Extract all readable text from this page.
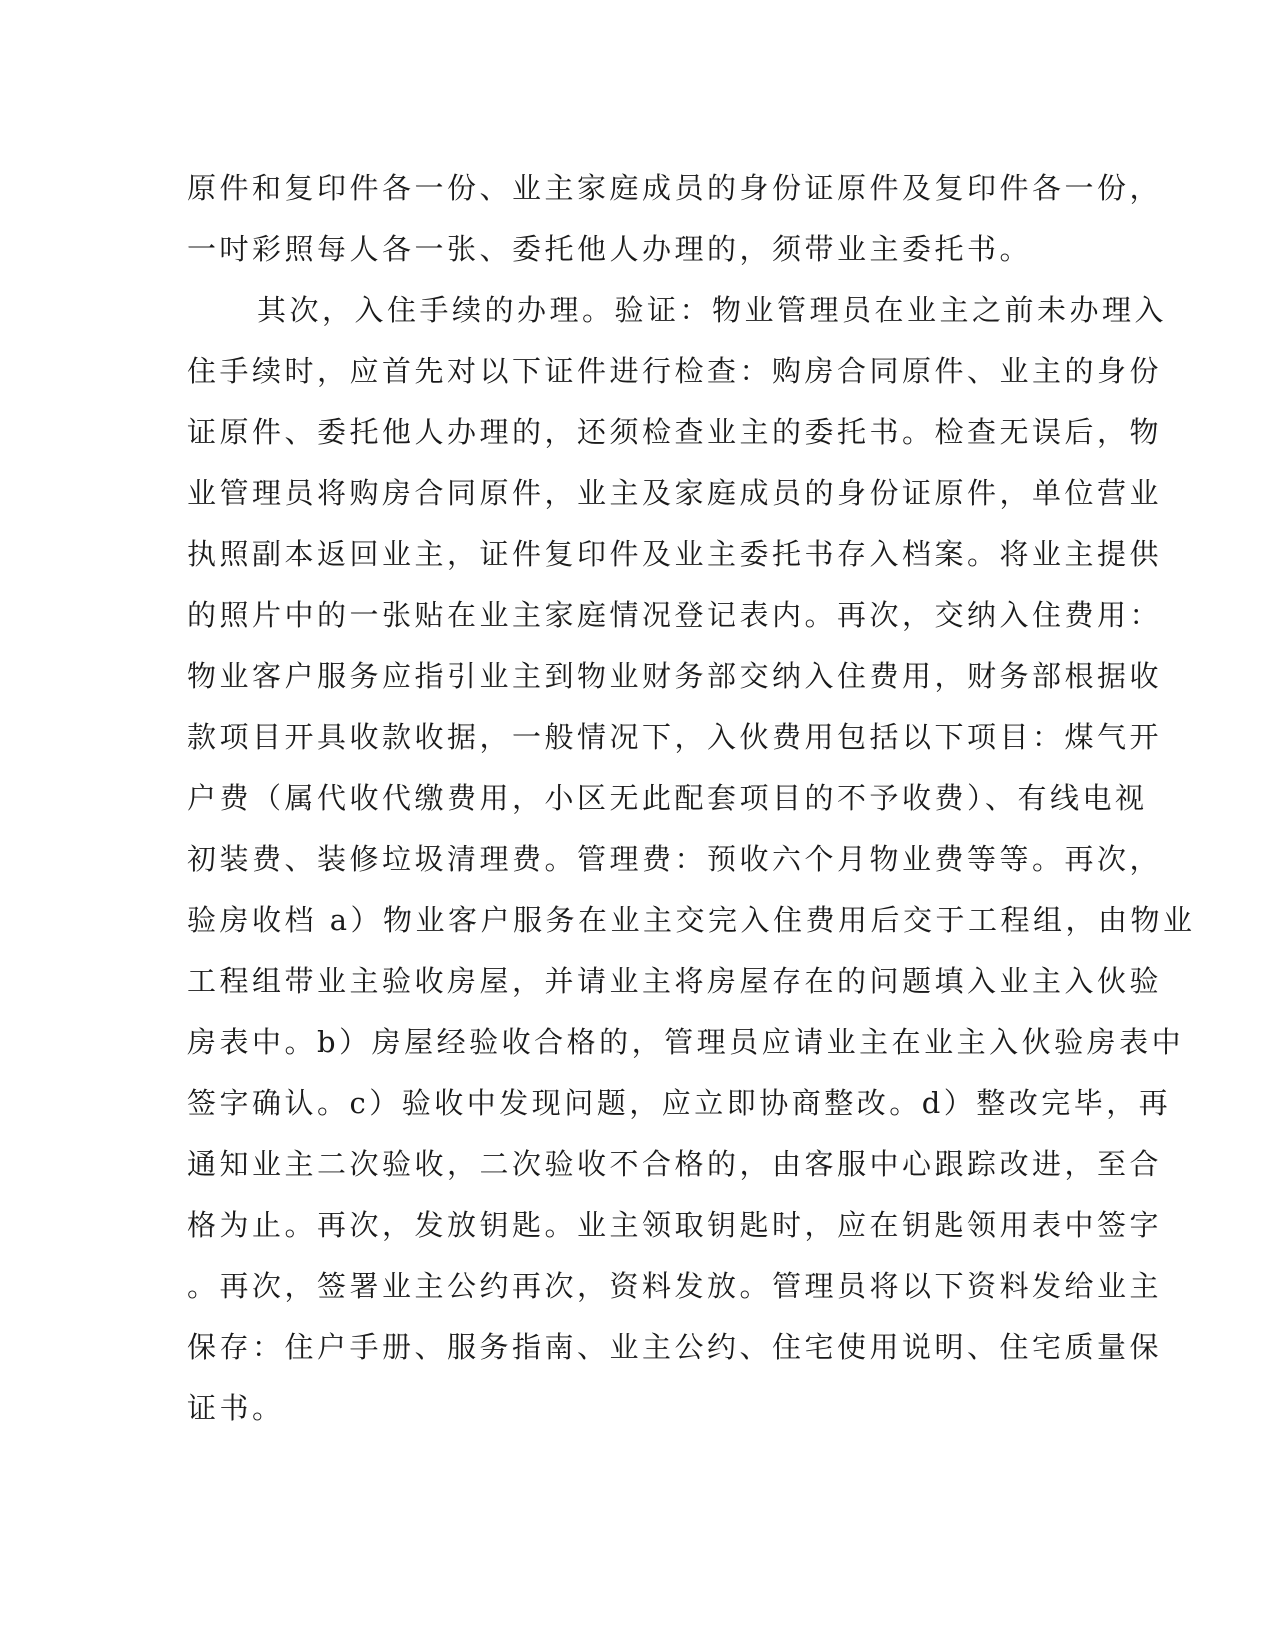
原件和复印件各一份、业主家庭成员的身份证原件及复印件各一份，
一吋彩照每人各一张、委托他人办理的，须带业主委托书。
其次，入住手续的办理。验证：物业管理员在业主之前未办理入
住手续时，应首先对以下证件进行检查：购房合同原件、业主的身份
证原件、委托他人办理的，还须检查业主的委托书。检查无误后，物
业管理员将购房合同原件，业主及家庭成员的身份证原件，单位营业
执照副本返回业主，证件复印件及业主委托书存入档案。将业主提供
的照片中的一张贴在业主家庭情况登记表内。再次，交纳入住费用：
物业客户服务应指引业主到物业财务部交纳入住费用，财务部根据收
款项目开具收款收据，一般情况下，入伙费用包括以下项目：煤气开
户费（属代收代缴费用，小区无此配套项目的不予收费）、有线电视
初装费、装修垃圾清理费。管理费：预收六个月物业费等等。再次，
验房收档 a）物业客户服务在业主交完入住费用后交于工程组，由物业
工程组带业主验收房屋，并请业主将房屋存在的问题填入业主入伙验
房表中。b）房屋经验收合格的，管理员应请业主在业主入伙验房表中
签字确认。c）验收中发现问题，应立即协商整改。d）整改完毕，再
通知业主二次验收，二次验收不合格的，由客服中心跟踪改进，至合
格为止。再次，发放钥匙。业主领取钥匙时，应在钥匙领用表中签字
。再次，签署业主公约再次，资料发放。管理员将以下资料发给业主
保存：住户手册、服务指南、业主公约、住宅使用说明、住宅质量保
证书。
